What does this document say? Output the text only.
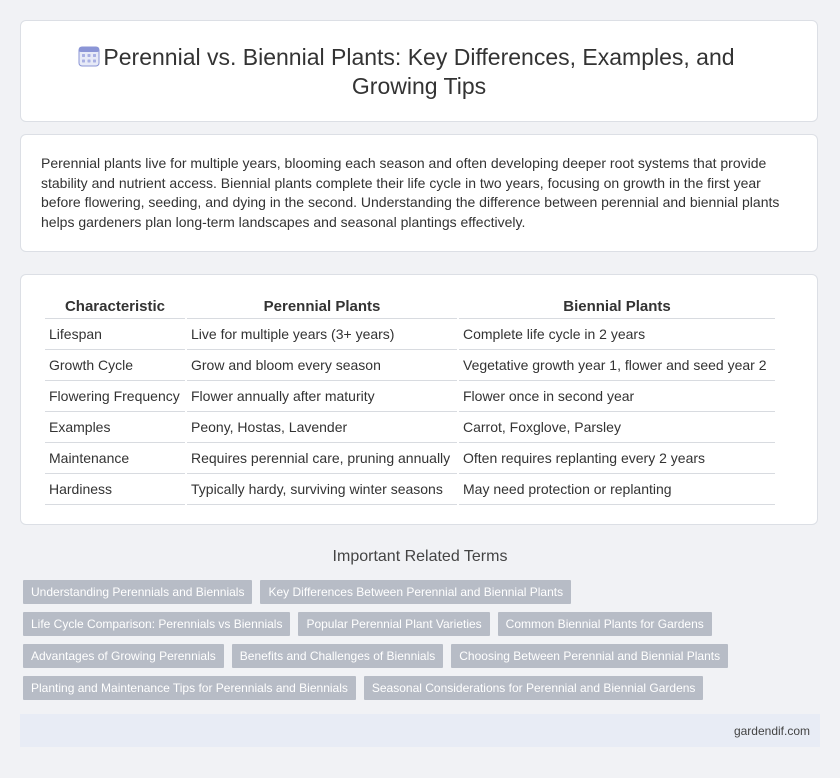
Perennial vs. Biennial Plants: Key Differences, Examples, and Growing Tips

Perennial plants live for multiple years, blooming each season and often developing deeper root systems that provide stability and nutrient access. Biennial plants complete their life cycle in two years, focusing on growth in the first year before flowering, seeding, and dying in the second. Understanding the difference between perennial and biennial plants helps gardeners plan long-term landscapes and seasonal plantings effectively.

Characteristic	Perennial Plants	Biennial Plants
Lifespan	Live for multiple years (3+ years)	Complete life cycle in 2 years
Growth Cycle	Grow and bloom every season	Vegetative growth year 1, flower and seed year 2
Flowering Frequency	Flower annually after maturity	Flower once in second year
Examples	Peony, Hostas, Lavender	Carrot, Foxglove, Parsley
Maintenance	Requires perennial care, pruning annually	Often requires replanting every 2 years
Hardiness	Typically hardy, surviving winter seasons	May need protection or replanting
Important Related Terms
Understanding Perennials and Biennials	Key Differences Between Perennial and Biennial Plants
Life Cycle Comparison: Perennials vs Biennials	Popular Perennial Plant Varieties	Common Biennial Plants for Gardens
Advantages of Growing Perennials	Benefits and Challenges of Biennials	Choosing Between Perennial and Biennial Plants
Planting and Maintenance Tips for Perennials and Biennials	Seasonal Considerations for Perennial and Biennial Gardens
gardendif.com
